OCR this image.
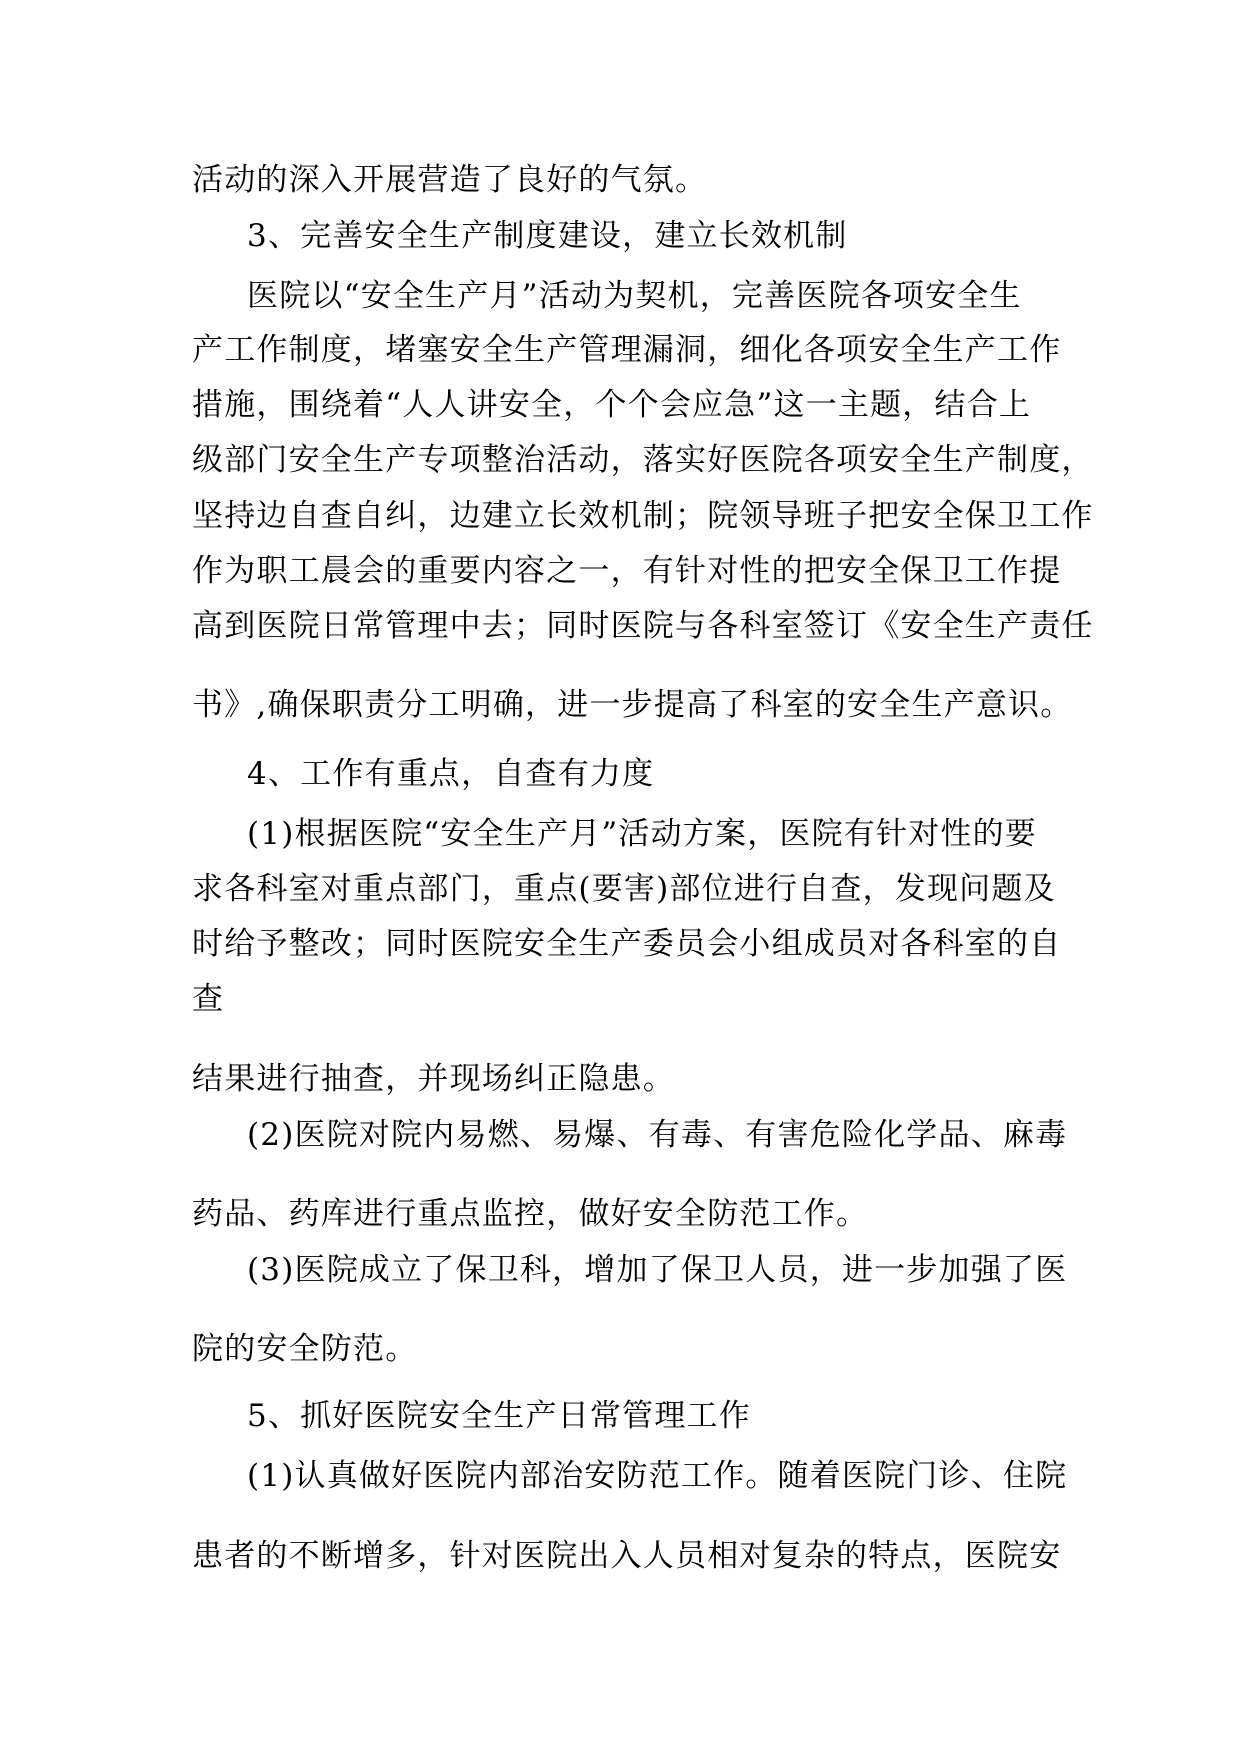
活动的深入开展营造了良好的气氛。
3、完善安全生产制度建设，建立长效机制
医院以“安全生产月”活动为契机，完善医院各项安全生
产工作制度，堵塞安全生产管理漏洞，细化各项安全生产工作
措施，围绕着“人人讲安全，个个会应急”这一主题，结合上
级部门安全生产专项整治活动，落实好医院各项安全生产制度，
坚持边自查自纠，边建立长效机制；院领导班子把安全保卫工作
作为职工晨会的重要内容之一，有针对性的把安全保卫工作提
高到医院日常管理中去；同时医院与各科室签订《安全生产责任
书》,确保职责分工明确，进一步提高了科室的安全生产意识。
4、工作有重点，自查有力度
(1)根据医院“安全生产月”活动方案，医院有针对性的要
求各科室对重点部门，重点(要害)部位进行自查，发现问题及
时给予整改；同时医院安全生产委员会小组成员对各科室的自
查
结果进行抽查，并现场纠正隐患。
(2)医院对院内易燃、易爆、有毒、有害危险化学品、麻毒
药品、药库进行重点监控，做好安全防范工作。
(3)医院成立了保卫科，增加了保卫人员，进一步加强了医
院的安全防范。
5、抓好医院安全生产日常管理工作
(1)认真做好医院内部治安防范工作。随着医院门诊、住院
患者的不断增多，针对医院出入人员相对复杂的特点，医院安
